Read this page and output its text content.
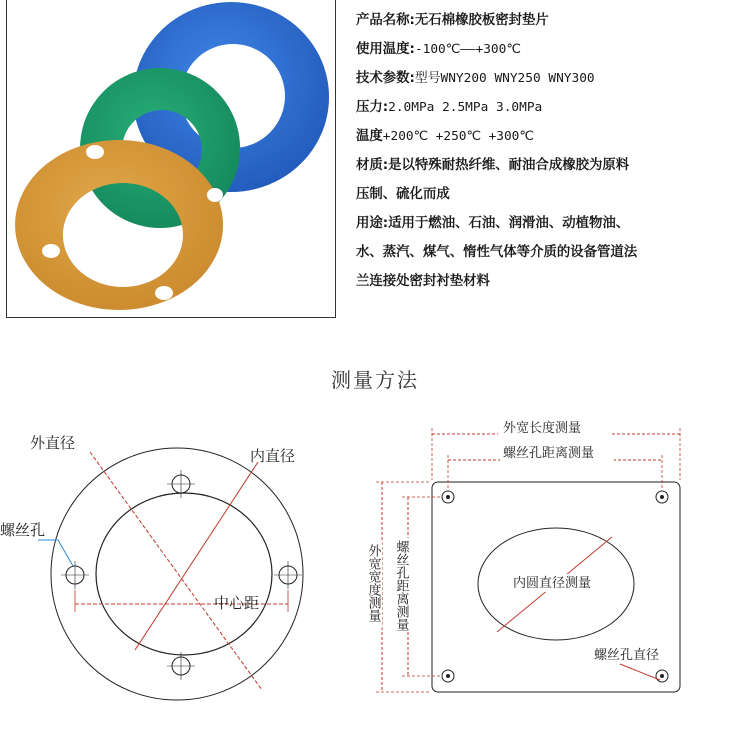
产品名称:无石棉橡胶板密封垫片
使用温度:-100℃——+300℃
技术参数:型号WNY200 WNY250 WNY300
压力:2.0MPa 2.5MPa 3.0MPa
温度+200℃ +250℃ +300℃
材质:是以特殊耐热纤维、耐油合成橡胶为原料
压制、硫化而成
用途:适用于燃油、石油、润滑油、动植物油、
水、蒸汽、煤气、惰性气体等介质的设备管道法
兰连接处密封衬垫材料
测量方法
外直径
内直径
螺丝孔
中心距
外宽长度测量
螺丝孔距离测量
外宽宽度测量 螺丝孔距离测量	内圆直径测量
螺丝孔直径
